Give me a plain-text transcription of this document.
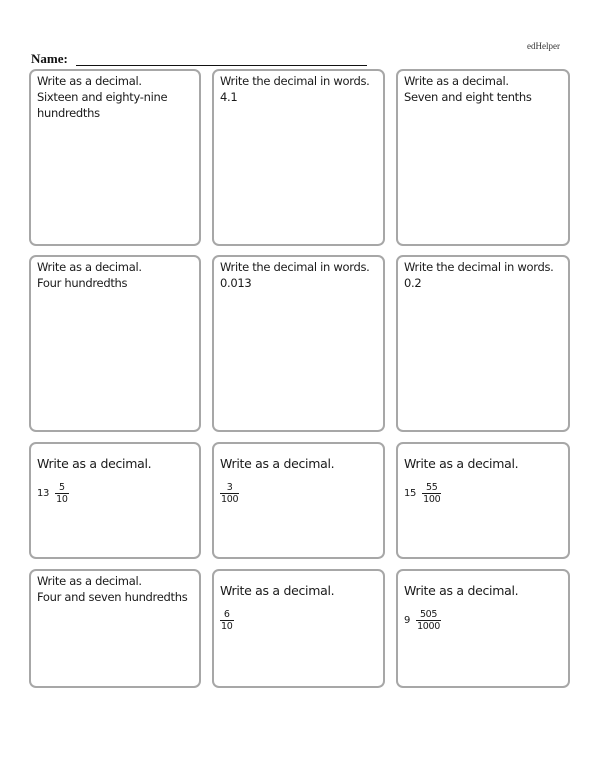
edHelper
Name:
Write as a decimal.
Sixteen and eighty-nine
hundredths
Write the decimal in words.
4.1
Write as a decimal.
Seven and eight tenths
Write as a decimal.
Four hundredths
Write the decimal in words.
0.013
Write the decimal in words.
0.2
Write as a decimal.
$13 \frac{5}{10}$
Write as a decimal.
$\frac{3}{100}$
Write as a decimal.
$15 \frac{55}{100}$
Write as a decimal.
Four and seven hundredths	Write as a decimal.
$\frac{6}{10}$
Write as a decimal.
$9 \frac{505}{1000}$
